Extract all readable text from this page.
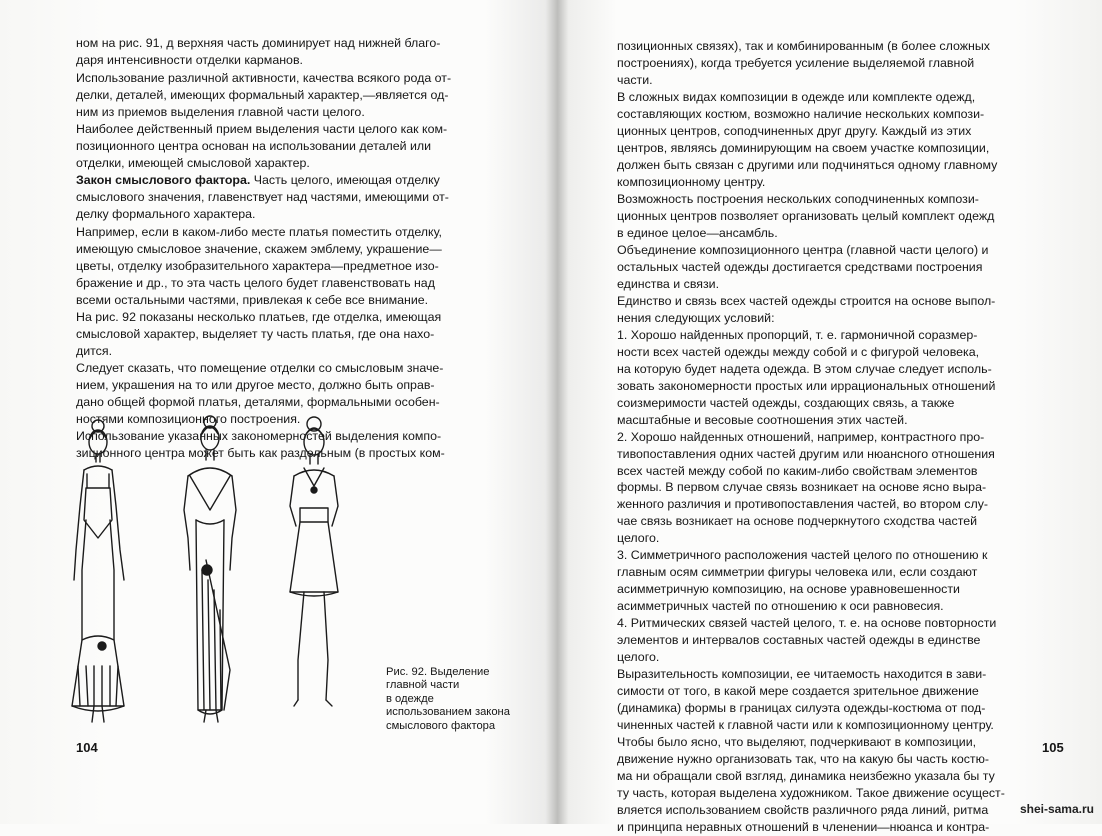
ном на рис. 91, д верхняя часть доминирует над нижней благо-
даря интенсивности отделки карманов.
Использование различной активности, качества всякого рода от-
делки, деталей, имеющих формальный характер,—является од-
ним из приемов выделения главной части целого.
Наиболее действенный прием выделения части целого как ком-
позиционного центра основан на использовании деталей или
отделки, имеющей смысловой характер.
Закон смыслового фактора. Часть целого, имеющая отделку
смыслового значения, главенствует над частями, имеющими от-
делку формального характера.
Например, если в каком-либо месте платья поместить отделку,
имеющую смысловое значение, скажем эмблему, украшение—
цветы, отделку изобразительного характера—предметное изо-
бражение и др., то эта часть целого будет главенствовать над
всеми остальными частями, привлекая к себе все внимание.
На рис. 92 показаны несколько платьев, где отделка, имеющая
смысловой характер, выделяет ту часть платья, где она нахо-
дится.
Следует сказать, что помещение отделки со смысловым значе-
нием, украшения на то или другое место, должно быть оправ-
дано общей формой платья, деталями, формальными особен-
ностями композиционного построения.
Использование указанных закономерностей выделения компо-
зиционного центра может быть как раздельным (в простых ком-
Рис. 92. Выделение
главной части
в одежде
использованием закона
смыслового фактора
104
позиционных связях), так и комбинированным (в более сложных
построениях), когда требуется усиление выделяемой главной
части.
В сложных видах композиции в одежде или комплекте одежд,
составляющих костюм, возможно наличие нескольких компози-
ционных центров, соподчиненных друг другу. Каждый из этих
центров, являясь доминирующим на своем участке композиции,
должен быть связан с другими или подчиняться одному главному
композиционному центру.
Возможность построения нескольких соподчиненных компози-
ционных центров позволяет организовать целый комплект одежд
в единое целое—ансамбль.
Объединение композиционного центра (главной части целого) и
остальных частей одежды достигается средствами построения
единства и связи.
Единство и связь всех частей одежды строится на основе выпол-
нения следующих условий:
1. Хорошо найденных пропорций, т. е. гармоничной соразмер-
ности всех частей одежды между собой и с фигурой человека,
на которую будет надета одежда. В этом случае следует исполь-
зовать закономерности простых или иррациональных отношений
соизмеримости частей одежды, создающих связь, а также
масштабные и весовые соотношения этих частей.
2. Хорошо найденных отношений, например, контрастного про-
тивопоставления одних частей другим или нюансного отношения
всех частей между собой по каким-либо свойствам элементов
формы. В первом случае связь возникает на основе ясно выра-
женного различия и противопоставления частей, во втором слу-
чае связь возникает на основе подчеркнутого сходства частей
целого.
3. Симметричного расположения частей целого по отношению к
главным осям симметрии фигуры человека или, если создают
асимметричную композицию, на основе уравновешенности
асимметричных частей по отношению к оси равновесия.
4. Ритмических связей частей целого, т. е. на основе повторности
элементов и интервалов составных частей одежды в единстве
целого.
Выразительность композиции, ее читаемость находится в зави-
симости от того, в какой мере создается зрительное движение
(динамика) формы в границах силуэта одежды-костюма от под-
чиненных частей к главной части или к композиционному центру.
Чтобы было ясно, что выделяют, подчеркивают в композиции,
движение нужно организовать так, что на какую бы часть костю-
ма ни обращали свой взгляд, динамика неизбежно указала бы ту
ту часть, которая выделена художником. Такое движение осущест-
вляется использованием свойств различного ряда линий, ритма
и принципа неравных отношений в членении—нюанса и контра-
105
shei-sama.ru
